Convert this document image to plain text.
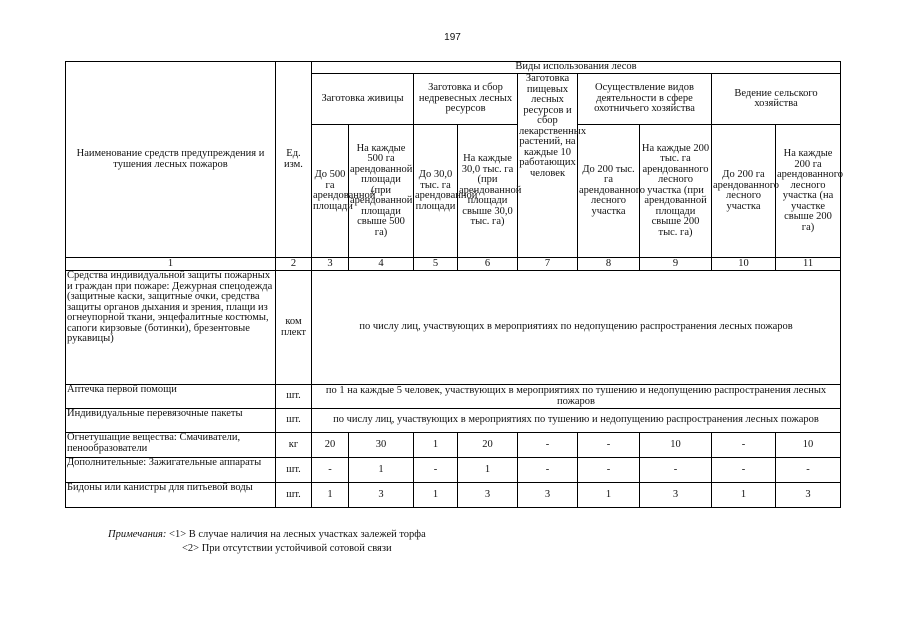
197
Наименование средств предупреждения и тушения лесных пожаров	Ед. изм.	Виды использования лесов								
		Заготовка живицы		Заготовка и сбор недревесных лесных ресурсов		Заготовка пищевых лесных ресурсов и сбор лекарственных растений, на каждые 10 работающих человек	Осуществление видов деятельности в сфере охотничьего хозяйства		Ведение сельского хозяйства	
		До 500 га арендованной площади	На каждые 500 га арендованной площади (при арендованной площади свыше 500 га)	До 30,0 тыс. га арендованной площади	На каждые 30,0 тыс. га (при арендованной площади свыше 30,0 тыс. га)		До 200 тыс. га арендованного лесного участка	На каждые 200 тыс. га арендованного лесного участка (при арендованной площади свыше 200 тыс. га)	До 200 га арендованного лесного участка	На каждые 200 га арендованного лесного участка (на участке свыше 200 га)
1	2	3	4	5	6	7	8	9	10	11
Средства индивидуальной защиты пожарных и граждан при пожаре: Дежурная спецодежда (защитные каски, защитные очки, средства защиты органов дыхания и зрения, плащи из огнеупорной ткани, энцефалитные костюмы, сапоги кирзовые (ботинки), брезентовые рукавицы)	ком плект	по числу лиц, участвующих в мероприятиях по недопущению распространения лесных пожаров								
Аптечка первой помощи	шт.	по 1 на каждые 5 человек, участвующих в мероприятиях по тушению и недопущению распространения лесных пожаров								
Индивидуальные перевязочные пакеты	шт.	по числу лиц, участвующих в мероприятиях по тушению и недопущению распространения лесных пожаров								
Огнетушащие вещества: Смачиватели, пенообразователи	кг	20	30	1	20	-	-	10	-	10
Дополнительные: Зажигательные аппараты	шт.	-	1	-	1	-	-	-	-	-
Бидоны или канистры для питьевой воды	шт.	1	3	1	3	3	1	3	1	3
Примечания: <1> В случае наличия на лесных участках залежей торфа
<2> При отсутствии устойчивой сотовой связи
